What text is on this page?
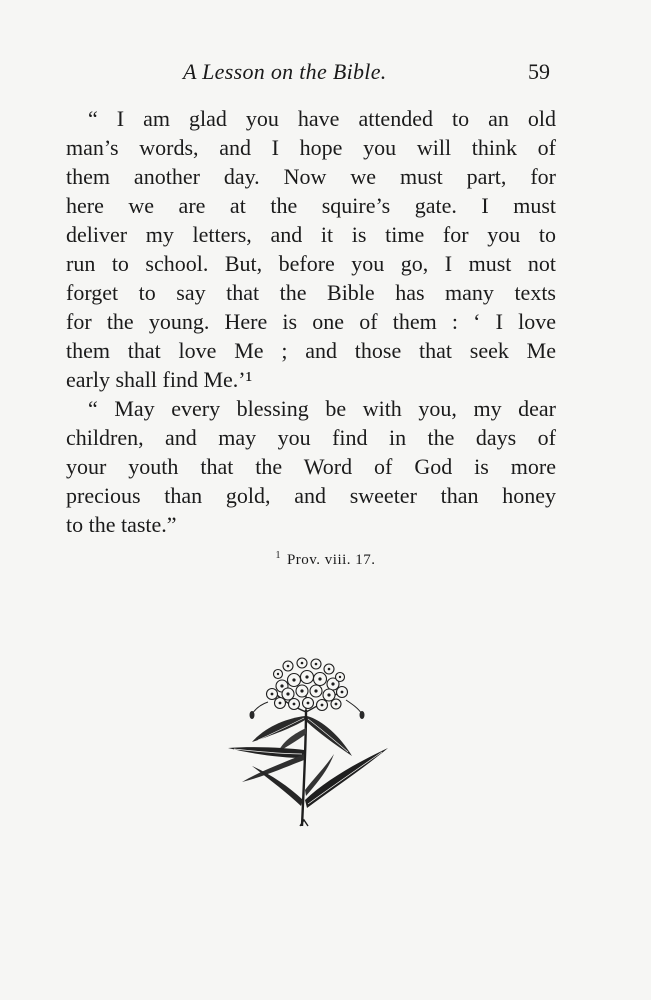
A Lesson on the Bible.	59
“ I am glad you have attended to an old
man’s words, and I hope you will think of
them another day. Now we must part, for
here we are at the squire’s gate. I must
deliver my letters, and it is time for you to
run to school. But, before you go, I must not
forget to say that the Bible has many texts
for the young. Here is one of them : ‘ I love
them that love Me ; and those that seek Me
early shall find Me.’¹
“ May every blessing be with you, my dear
children, and may you find in the days of
your youth that the Word of God is more
precious than gold, and sweeter than honey
to the taste.”
$^1$ Prov. viii. 17.
